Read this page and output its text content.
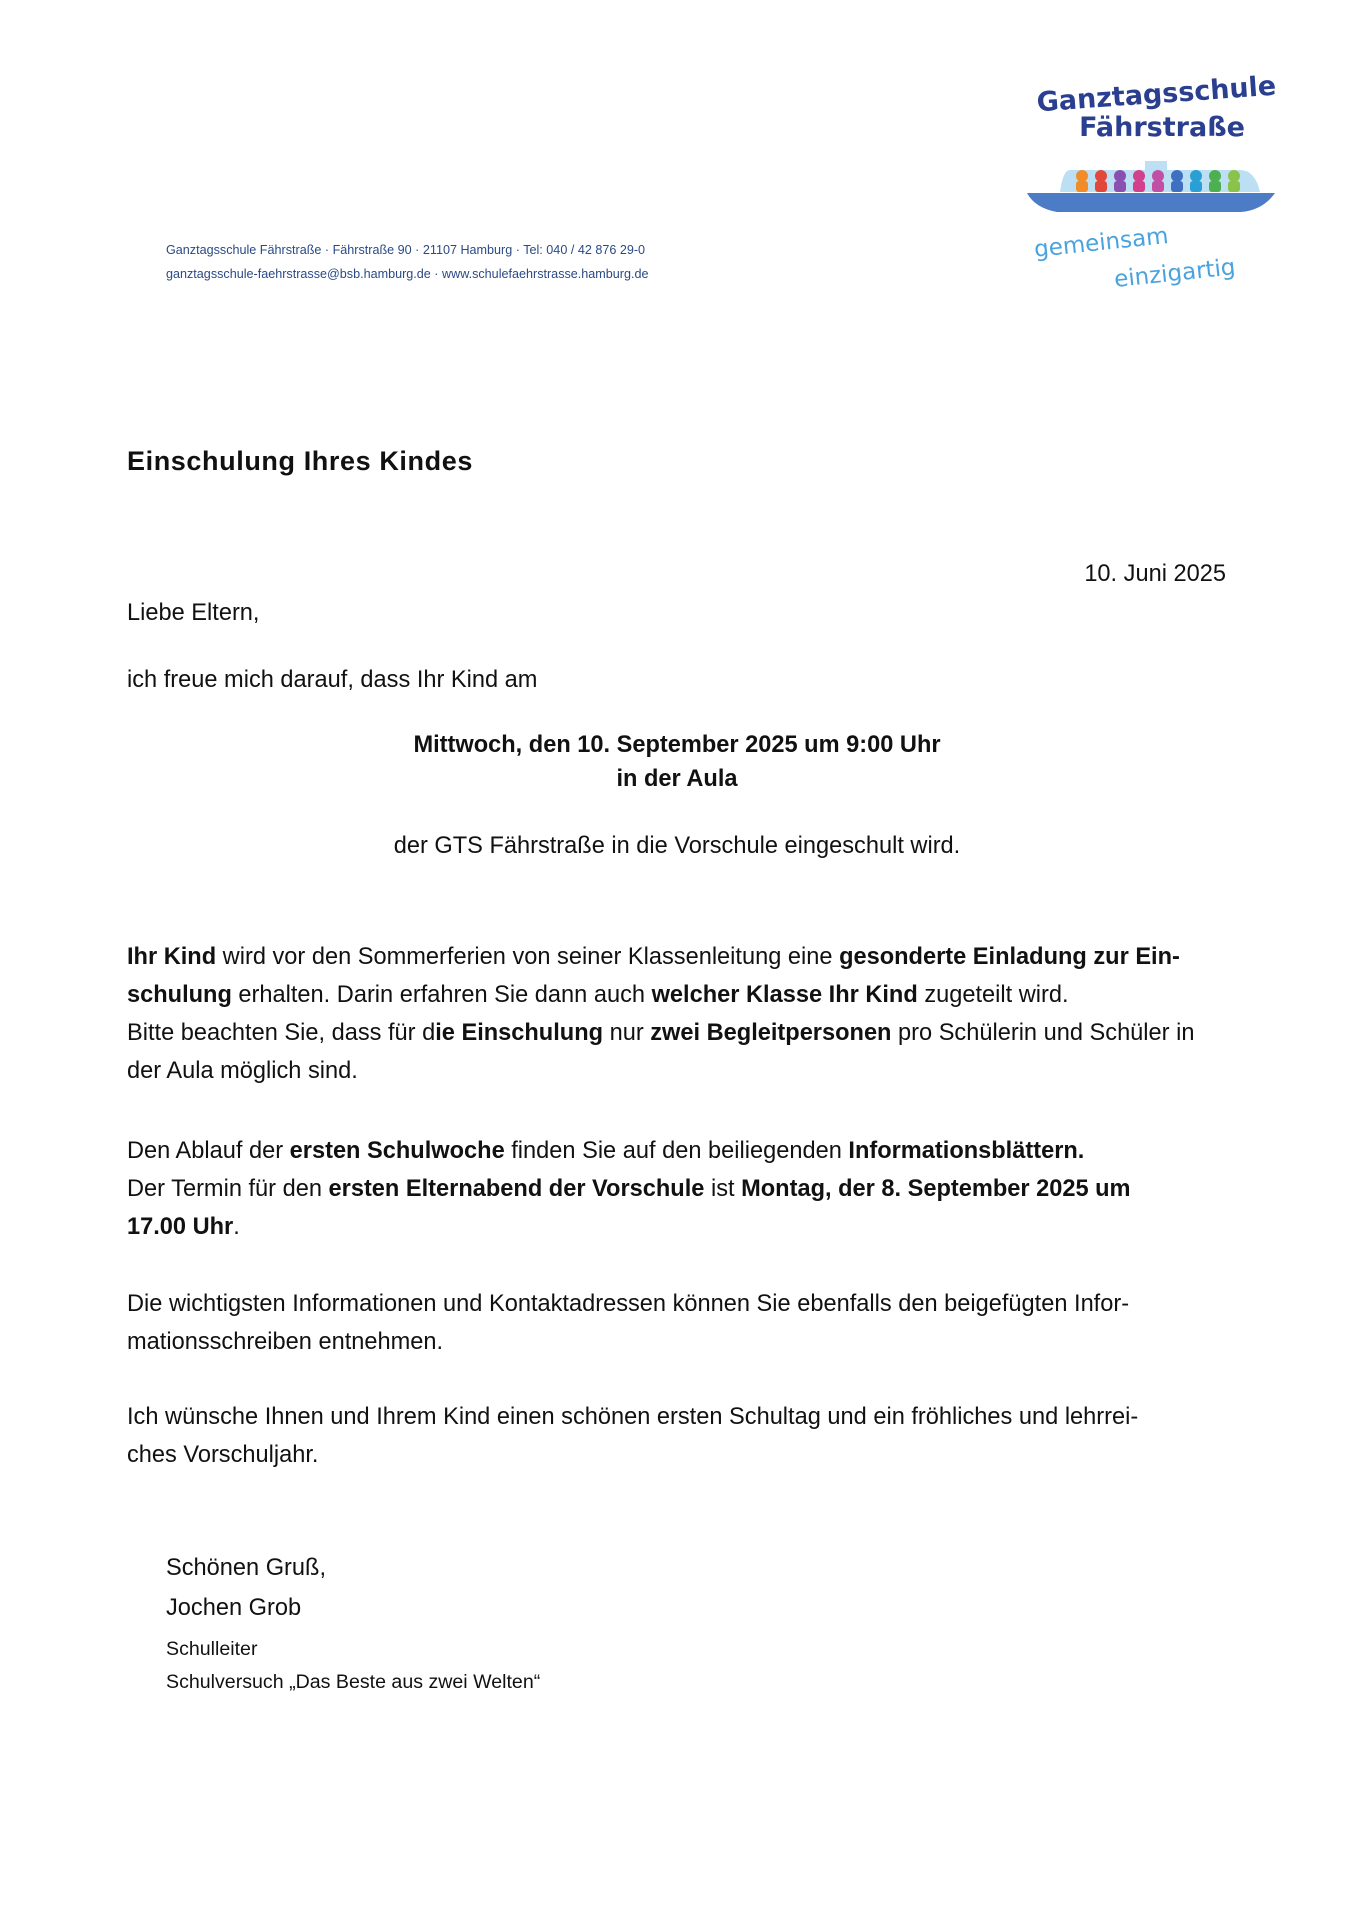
Ganztagsschule
Fährstraße
gemeinsam
einzigartig
Ganztagsschule Fährstraße · Fährstraße 90 · 21107 Hamburg · Tel: 040 / 42 876 29-0
ganztagsschule-faehrstrasse@bsb.hamburg.de · www.schulefaehrstrasse.hamburg.de
Einschulung Ihres Kindes
10. Juni 2025
Liebe Eltern,
ich freue mich darauf, dass Ihr Kind am
Mittwoch, den 10. September 2025 um 9:00 Uhr
in der Aula
der GTS Fährstraße in die Vorschule eingeschult wird.
Ihr Kind wird vor den Sommerferien von seiner Klassenleitung eine gesonderte Einladung zur Ein-
schulung erhalten. Darin erfahren Sie dann auch welcher Klasse Ihr Kind zugeteilt wird.
Bitte beachten Sie, dass für die Einschulung nur zwei Begleitpersonen pro Schülerin und Schüler in
der Aula möglich sind.
Den Ablauf der ersten Schulwoche finden Sie auf den beiliegenden Informationsblättern.
Der Termin für den ersten Elternabend der Vorschule ist Montag, der 8. September 2025 um
17.00 Uhr.
Die wichtigsten Informationen und Kontaktadressen können Sie ebenfalls den beigefügten Infor-
mationsschreiben entnehmen.
Ich wünsche Ihnen und Ihrem Kind einen schönen ersten Schultag und ein fröhliches und lehrrei-
ches Vorschuljahr.
Schönen Gruß,
Jochen Grob
Schulleiter
Schulversuch „Das Beste aus zwei Welten“
